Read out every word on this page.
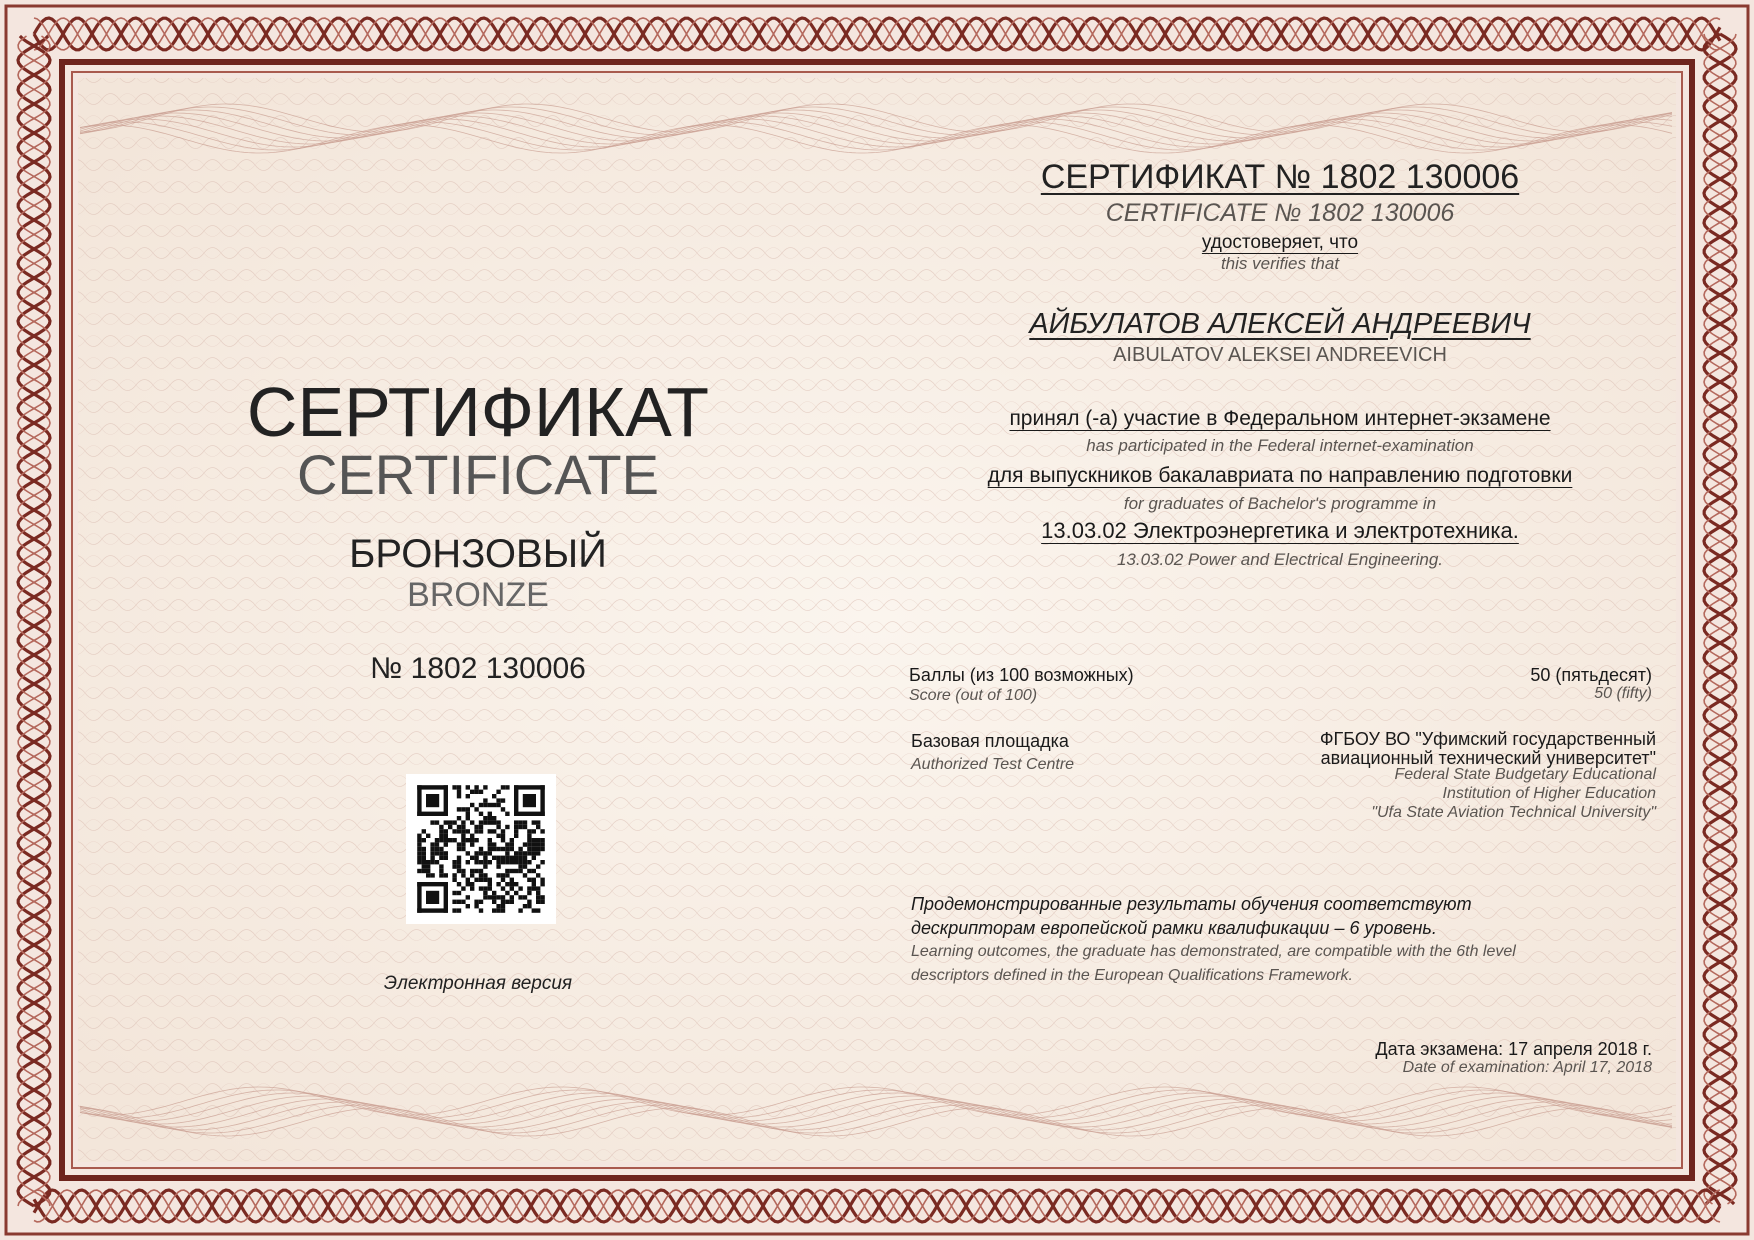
СЕРТИФИКАТ
CERTIFICATE
БРОНЗОВЫЙ
BRONZE
№ 1802 130006
Электронная версия
СЕРТИФИКАТ № 1802 130006
CERTIFICATE № 1802 130006
удостоверяет, что
this verifies that
АЙБУЛАТОВ АЛЕКСЕЙ АНДРЕЕВИЧ
AIBULATOV ALEKSEI ANDREEVICH
принял (-а) участие в Федеральном интернет-экзамене
has participated in the Federal internet-examination
для выпускников бакалавриата по направлению подготовки
for graduates of Bachelor's programme in
13.03.02 Электроэнергетика и электротехника.
13.03.02 Power and Electrical Engineering.
Баллы (из 100 возможных)
Score (out of 100)
50 (пятьдесят)
50 (fifty)
Базовая площадка
Authorized Test Centre
ФГБОУ ВО "Уфимский государственный
авиационный технический университет"
Federal State Budgetary Educational
Institution of Higher Education
"Ufa State Aviation Technical University"
Продемонстрированные результаты обучения соответствуют
дескрипторам европейской рамки квалификации – 6 уровень.
Learning outcomes, the graduate has demonstrated, are compatible with the 6th level
descriptors defined in the European Qualifications Framework.
Дата экзамена: 17 апреля 2018 г.
Date of examination: April 17, 2018
